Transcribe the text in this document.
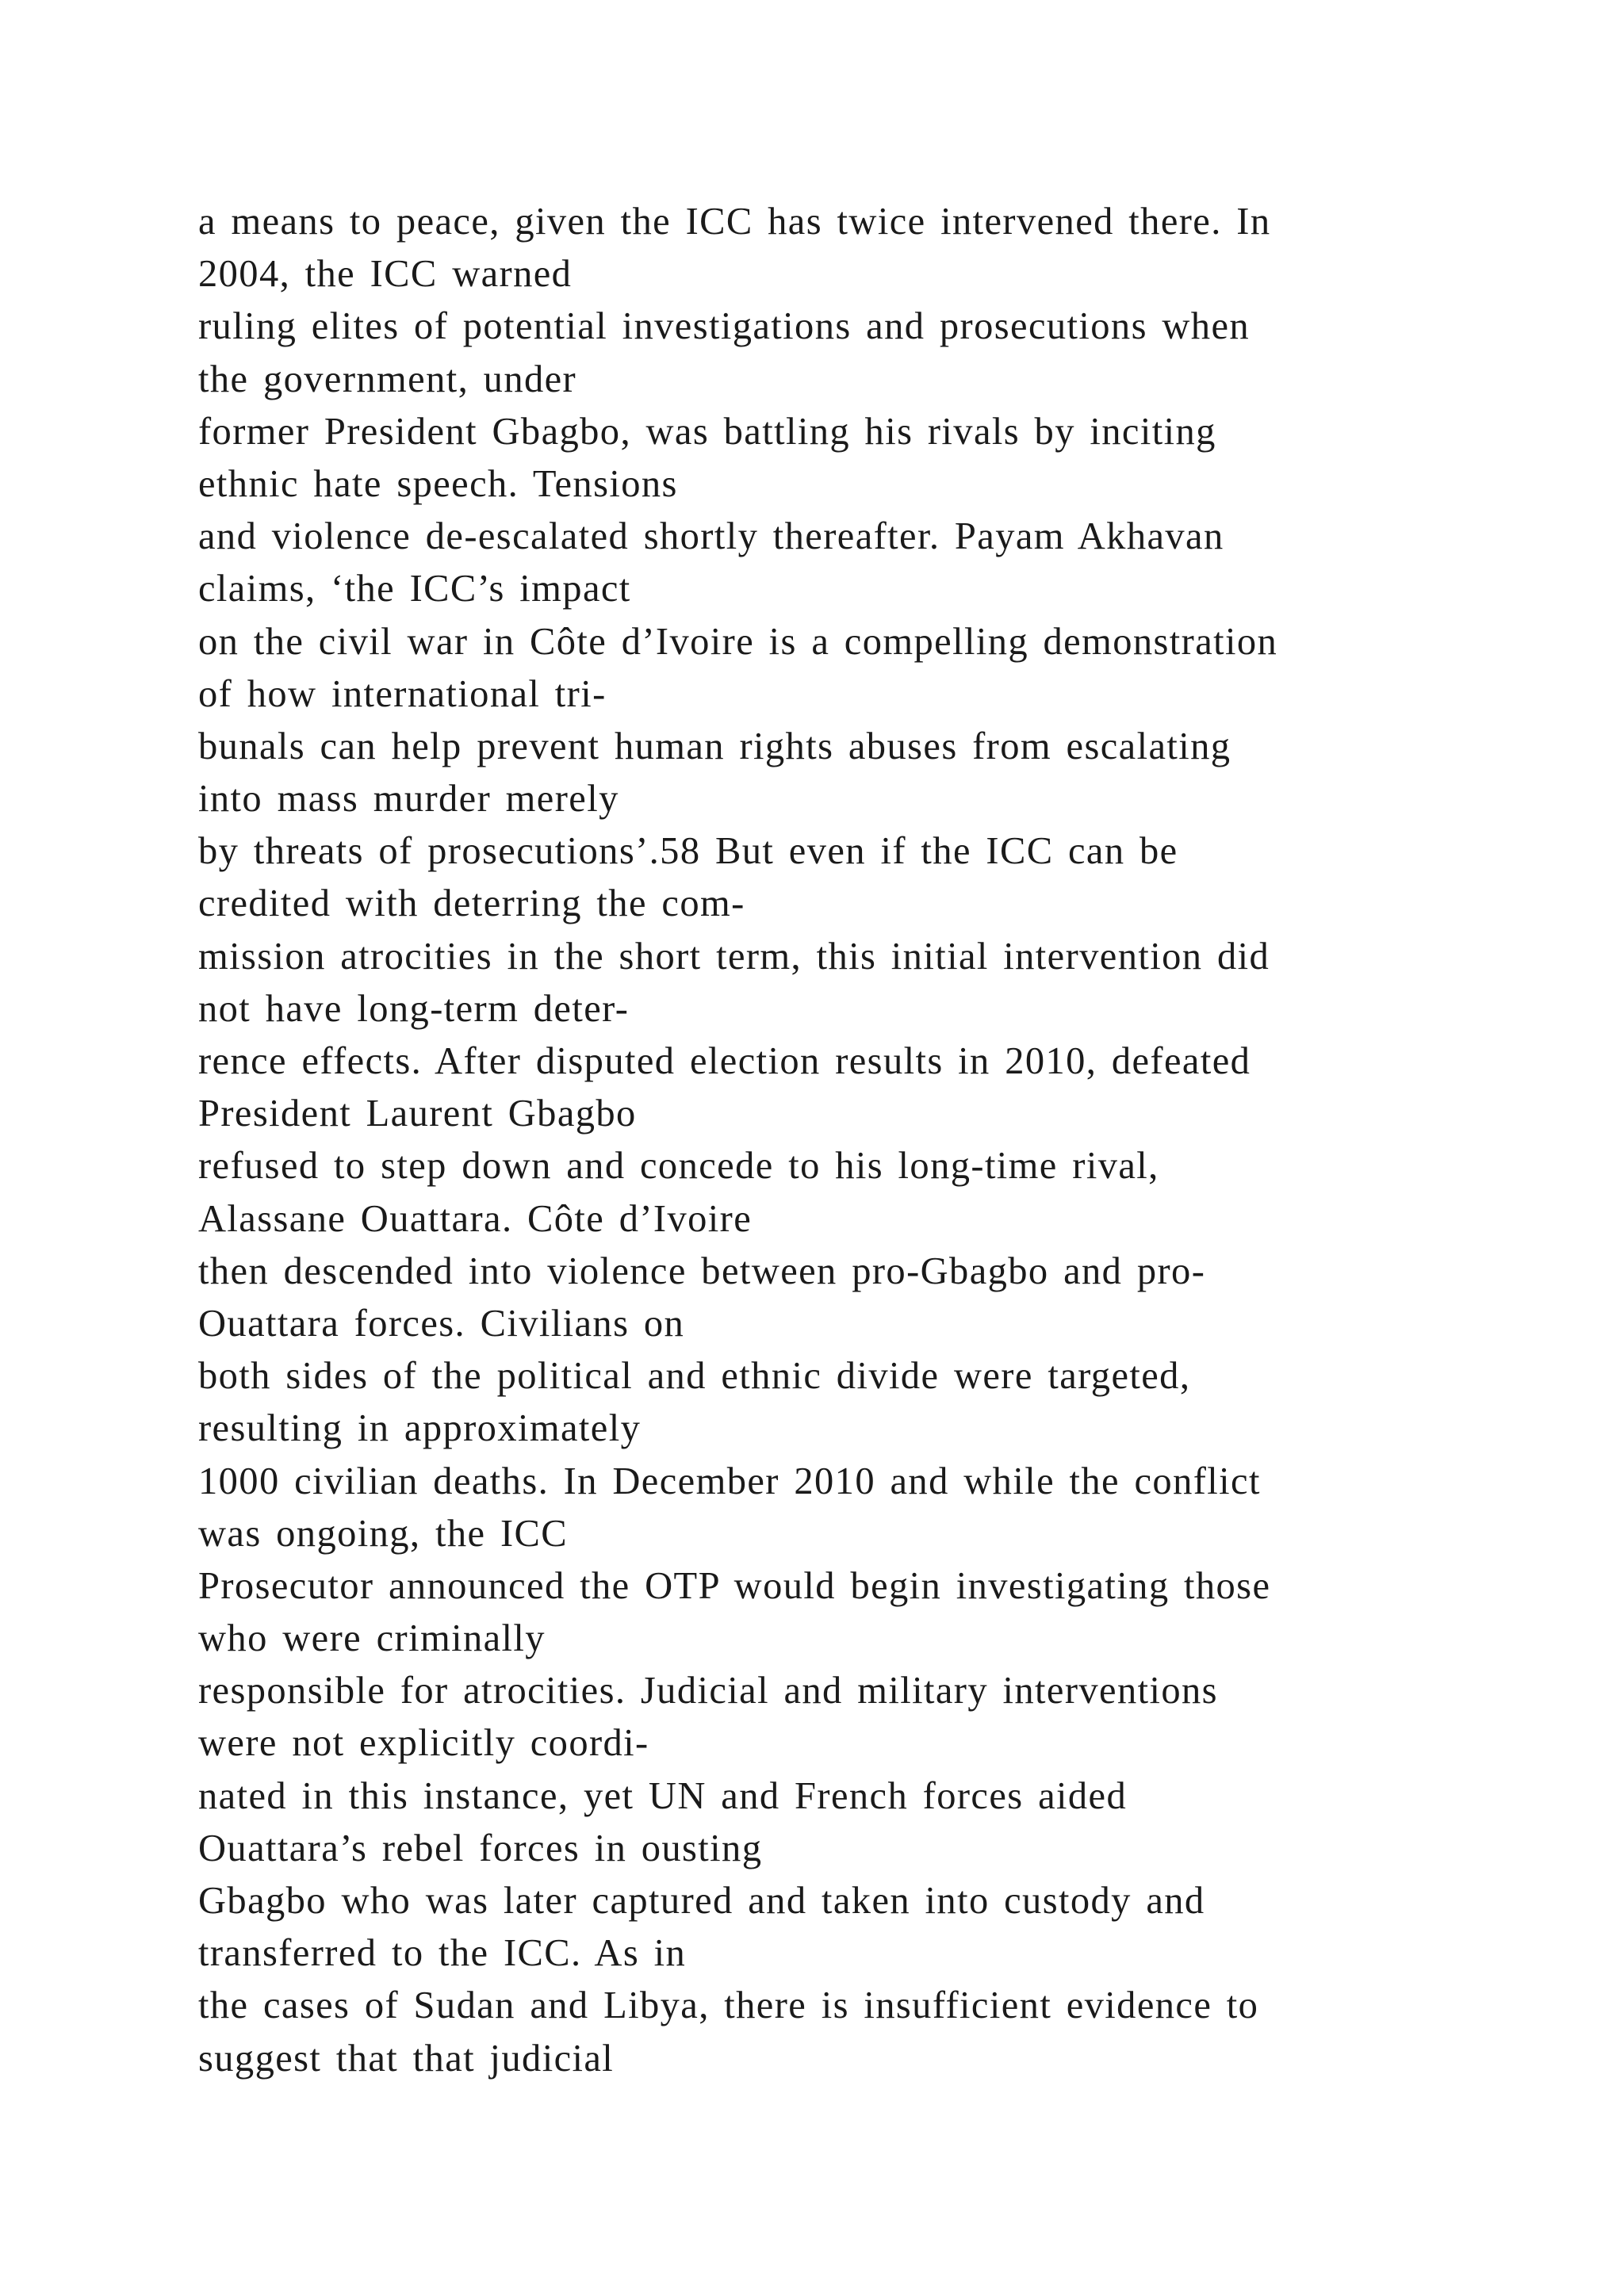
a means to peace, given the ICC has twice intervened there. In
2004, the ICC warned
ruling elites of potential investigations and prosecutions when
the government, under
former President Gbagbo, was battling his rivals by inciting
ethnic hate speech. Tensions
and violence de-escalated shortly thereafter. Payam Akhavan
claims, ‘the ICC’s impact
on the civil war in Côte d’Ivoire is a compelling demonstration
of how international tri-
bunals can help prevent human rights abuses from escalating
into mass murder merely
by threats of prosecutions’.58 But even if the ICC can be
credited with deterring the com-
mission atrocities in the short term, this initial intervention did
not have long-term deter-
rence effects. After disputed election results in 2010, defeated
President Laurent Gbagbo
refused to step down and concede to his long-time rival,
Alassane Ouattara. Côte d’Ivoire
then descended into violence between pro-Gbagbo and pro-
Ouattara forces. Civilians on
both sides of the political and ethnic divide were targeted,
resulting in approximately
1000 civilian deaths. In December 2010 and while the conflict
was ongoing, the ICC
Prosecutor announced the OTP would begin investigating those
who were criminally
responsible for atrocities. Judicial and military interventions
were not explicitly coordi-
nated in this instance, yet UN and French forces aided
Ouattara’s rebel forces in ousting
Gbagbo who was later captured and taken into custody and
transferred to the ICC. As in
the cases of Sudan and Libya, there is insufficient evidence to
suggest that that judicial
